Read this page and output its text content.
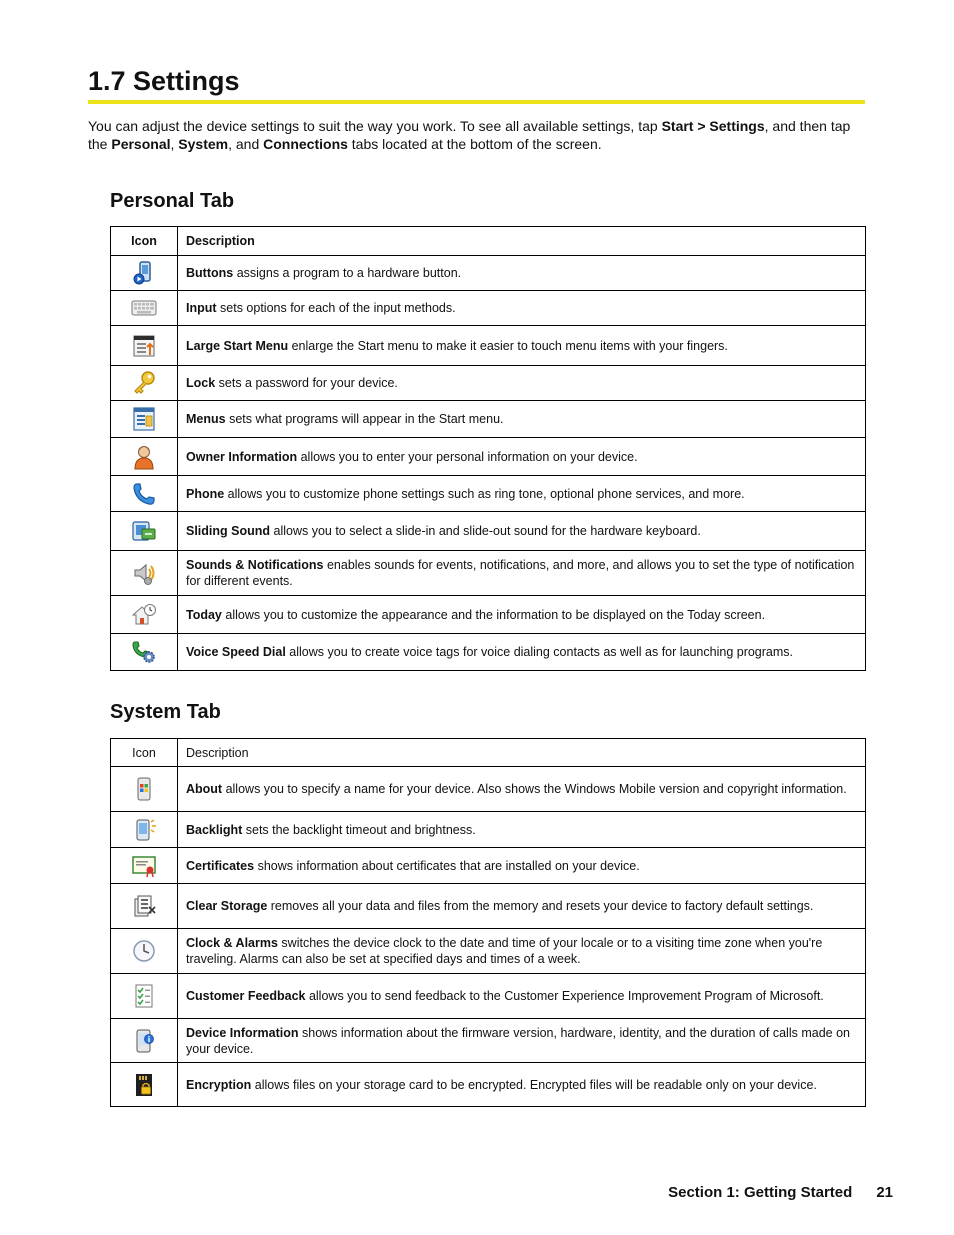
1.7 Settings

You can adjust the device settings to suit the way you work. To see all available settings, tap Start > Settings, and then tap the Personal, System, and Connections tabs located at the bottom of the screen.

Personal Tab
Icon	Description
	Buttons assigns a program to a hardware button.
	Input sets options for each of the input methods.
	Large Start Menu enlarge the Start menu to make it easier to touch menu items with your fingers.
	Lock sets a password for your device.
	Menus sets what programs will appear in the Start menu.
	Owner Information allows you to enter your personal information on your device.
	Phone allows you to customize phone settings such as ring tone, optional phone services, and more.
	Sliding Sound allows you to select a slide-in and slide-out sound for the hardware keyboard.
	Sounds & Notifications enables sounds for events, notifications, and more, and allows you to set the type of notification for different events.
	Today allows you to customize the appearance and the information to be displayed on the Today screen.
	Voice Speed Dial allows you to create voice tags for voice dialing contacts as well as for launching programs.
System Tab
Icon	Description
	About allows you to specify a name for your device. Also shows the Windows Mobile version and copyright information.
	Backlight sets the backlight timeout and brightness.
	Certificates shows information about certificates that are installed on your device.
	Clear Storage removes all your data and files from the memory and resets your device to factory default settings.
	Clock & Alarms switches the device clock to the date and time of your locale or to a visiting time zone when you're traveling. Alarms can also be set at specified days and times of a week.
	Customer Feedback allows you to send feedback to the Customer Experience Improvement Program of Microsoft.
	Device Information shows information about the firmware version, hardware, identity, and the duration of calls made on your device.
	Encryption allows files on your storage card to be encrypted. Encrypted files will be readable only on your device.
Section 1: Getting Started 21
